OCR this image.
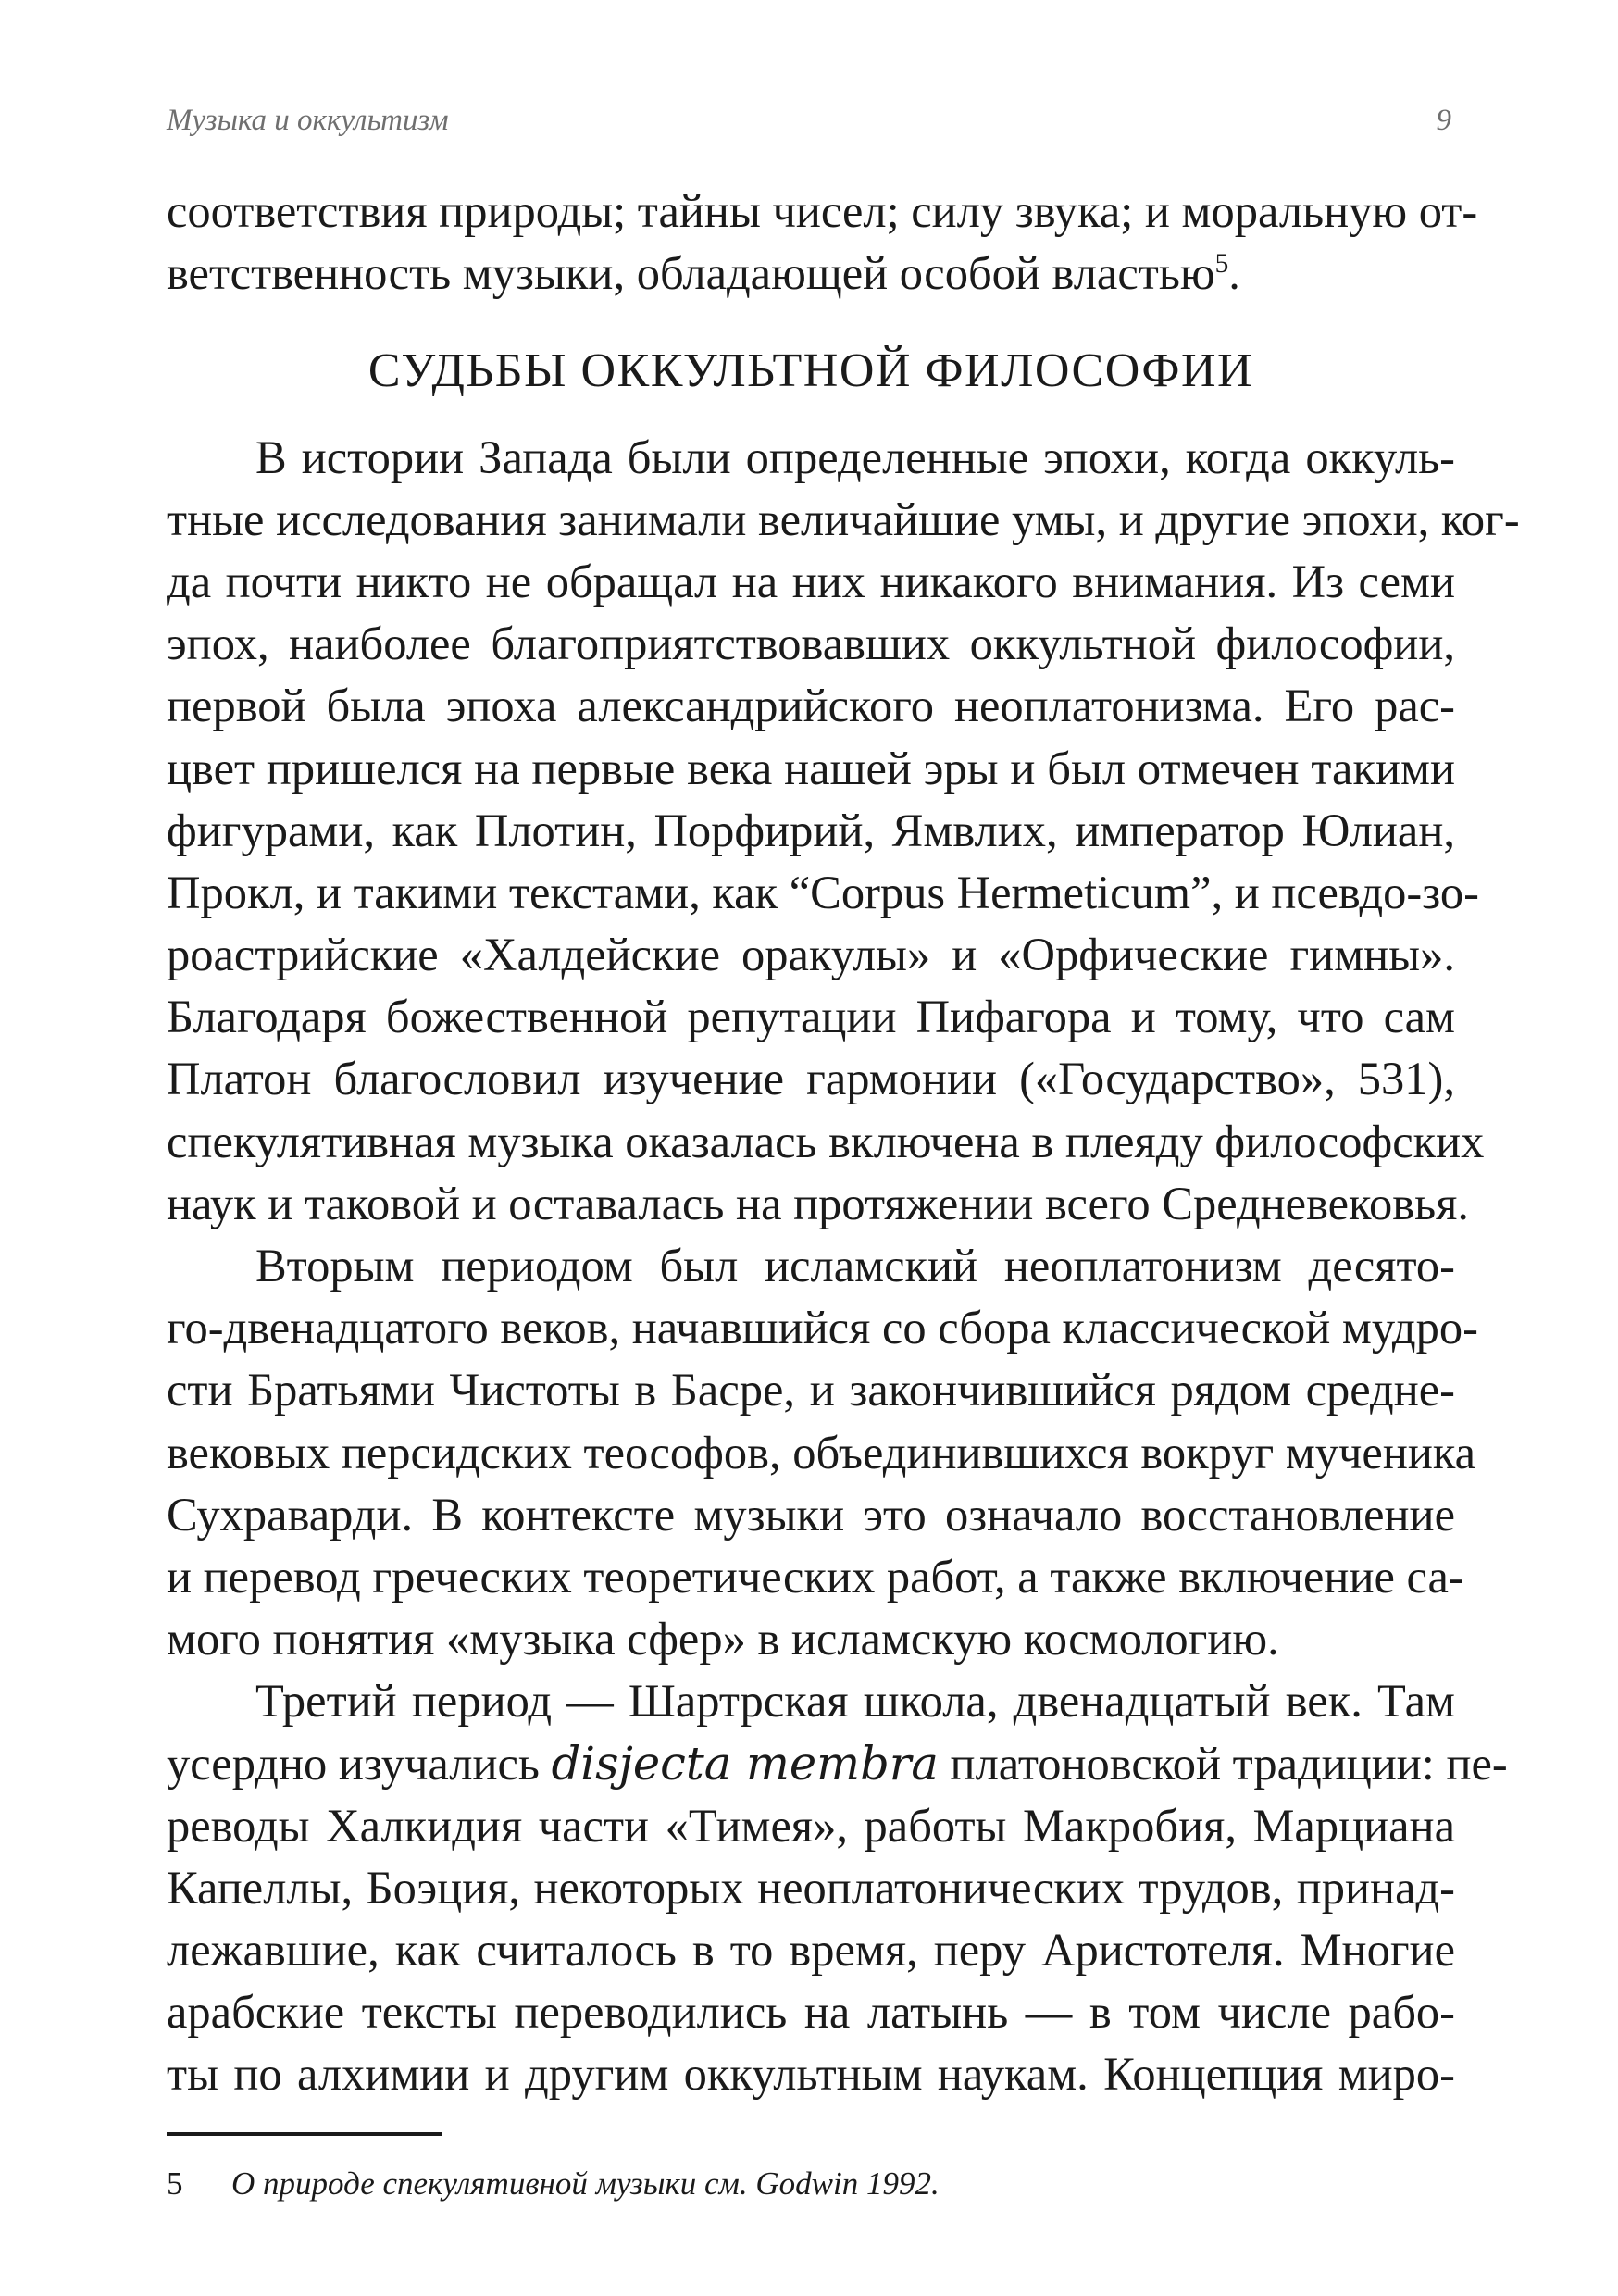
Музыка и оккультизм	9
соответствия природы; тайны чисел; силу звука; и моральную от-
ветственность музыки, обладающей особой властью$^5$.
СУДЬБЫ ОККУЛЬТНОЙ ФИЛОСОФИИ
В истории Запада были определенные эпохи, когда оккуль-
тные исследования занимали величайшие умы, и другие эпохи, ког-
да почти никто не обращал на них никакого внимания. Из семи
эпох, наиболее благоприятствовавших оккультной философии,
первой была эпоха александрийского неоплатонизма. Его рас-
цвет пришелся на первые века нашей эры и был отмечен такими
фигурами, как Плотин, Порфирий, Ямвлих, император Юлиан,
Прокл, и такими текстами, как “Corpus Hermeticum”, и псевдо-зо-
роастрийские «Халдейские оракулы» и «Орфические гимны».
Благодаря божественной репутации Пифагора и тому, что сам
Платон благословил изучение гармонии («Государство», 531),
спекулятивная музыка оказалась включена в плеяду философских
наук и таковой и оставалась на протяжении всего Средневековья.
Вторым периодом был исламский неоплатонизм десято-
го-двенадцатого веков, начавшийся со сбора классической мудро-
сти Братьями Чистоты в Басре, и закончившийся рядом средне-
вековых персидских теософов, объединившихся вокруг мученика
Сухраварди. В контексте музыки это означало восстановление
и перевод греческих теоретических работ, а также включение са-
мого понятия «музыка сфер» в исламскую космологию.
Третий период — Шартрская школа, двенадцатый век. Там
усердно изучались disjecta membra платоновской традиции: пе-
реводы Халкидия части «Тимея», работы Макробия, Марциана
Капеллы, Боэция, некоторых неоплатонических трудов, принад-
лежавшие, как считалось в то время, перу Аристотеля. Многие
арабские тексты переводились на латынь — в том числе рабо-
ты по алхимии и другим оккультным наукам. Концепция миро-
5 О природе спекулятивной музыки см. Godwin 1992.
